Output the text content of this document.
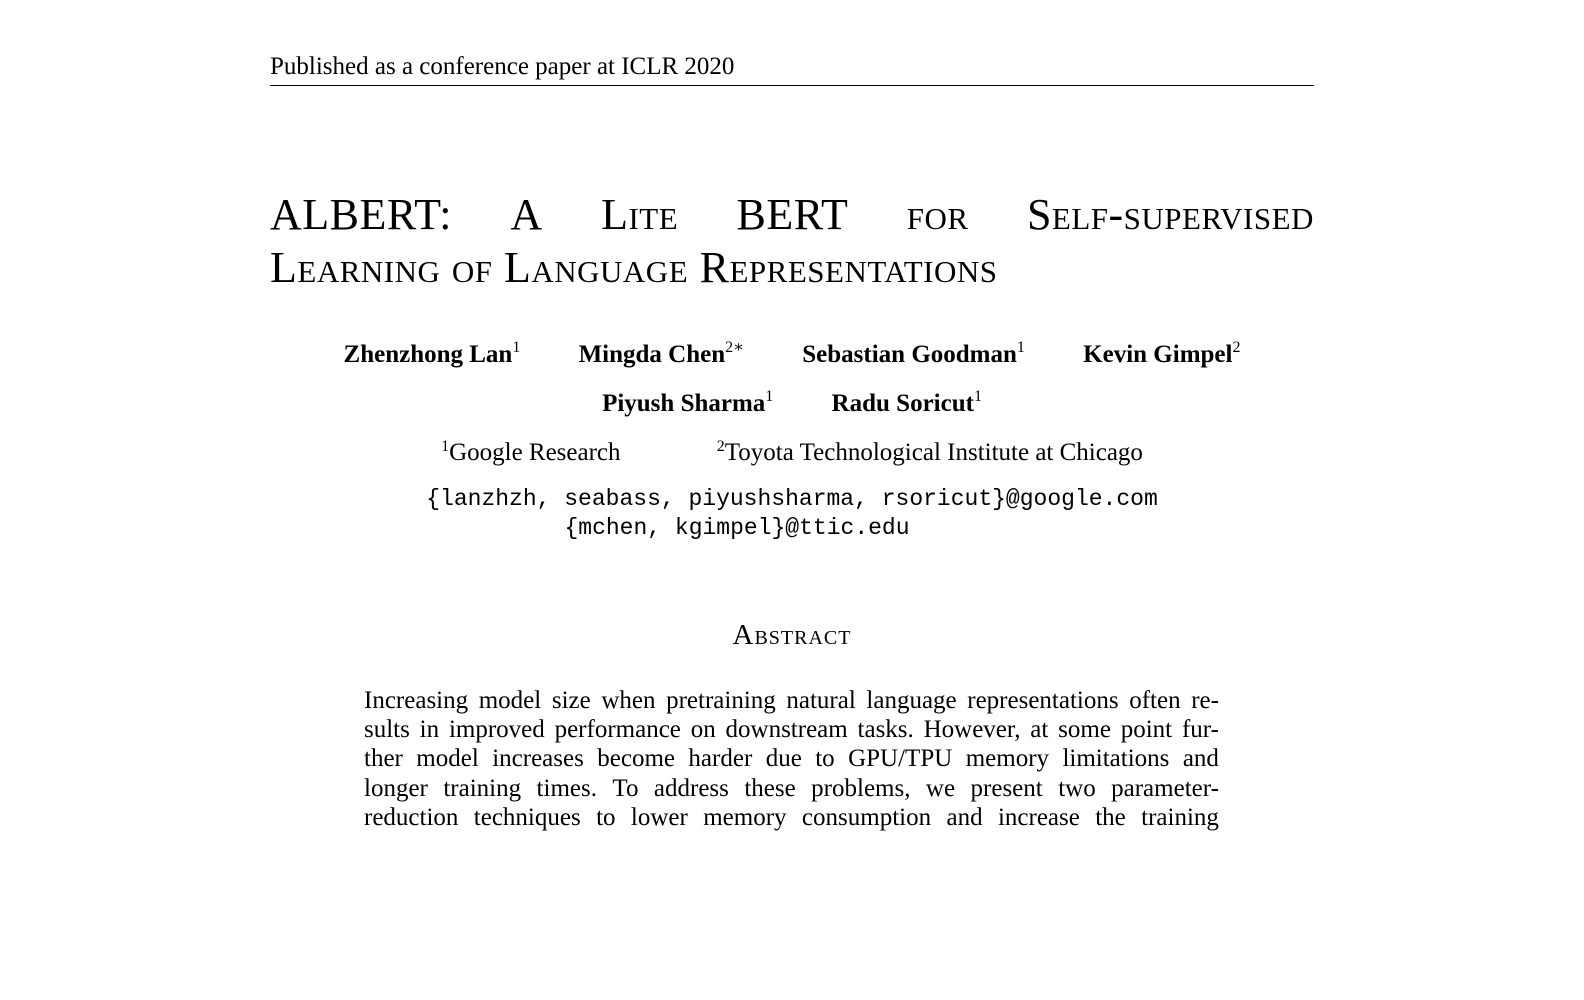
Published as a conference paper at ICLR 2020
ALBERT: A Lite BERT for Self-supervised
Learning of Language Representations
Zhenzhong Lan$^1$ Mingda Chen$^{2∗}$ Sebastian Goodman$^1$ Kevin Gimpel$^2$
Piyush Sharma$^1$ Radu Soricut$^1$
$^1$Google Research	$^2$Toyota Technological Institute at Chicago
{lanzhzh, seabass, piyushsharma, rsoricut}@google.com
{mchen, kgimpel}@ttic.edu
Abstract
Increasing model size when pretraining natural language representations often re-
sults in improved performance on downstream tasks. However, at some point fur-
ther model increases become harder due to GPU/TPU memory limitations and
longer training times. To address these problems, we present two parameter-
reduction techniques to lower memory consumption and increase the training
